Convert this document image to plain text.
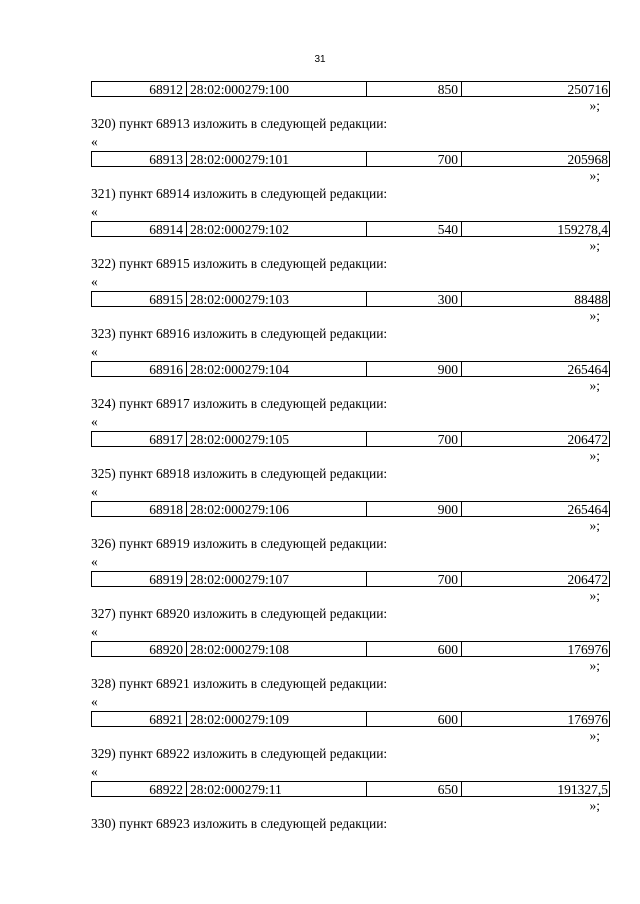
31
68912 28:02:000279:100	850	250716
»;
320) пункт 68913 изложить в следующей редакции:
«
68913 28:02:000279:101	700	205968
»;
321) пункт 68914 изложить в следующей редакции:
«
68914 28:02:000279:102	540	159278,4
»;
322) пункт 68915 изложить в следующей редакции:
«
68915 28:02:000279:103	300	88488
»;
323) пункт 68916 изложить в следующей редакции:
«
68916 28:02:000279:104	900	265464
»;
324) пункт 68917 изложить в следующей редакции:
«
68917 28:02:000279:105	700	206472
»;
325) пункт 68918 изложить в следующей редакции:
«
68918 28:02:000279:106	900	265464
»;
326) пункт 68919 изложить в следующей редакции:
«
68919 28:02:000279:107	700	206472
»;
327) пункт 68920 изложить в следующей редакции:
«
68920 28:02:000279:108	600	176976
»;
328) пункт 68921 изложить в следующей редакции:
«
68921 28:02:000279:109	600	176976
»;
329) пункт 68922 изложить в следующей редакции:
«
68922 28:02:000279:11	650	191327,5
»;
330) пункт 68923 изложить в следующей редакции:
